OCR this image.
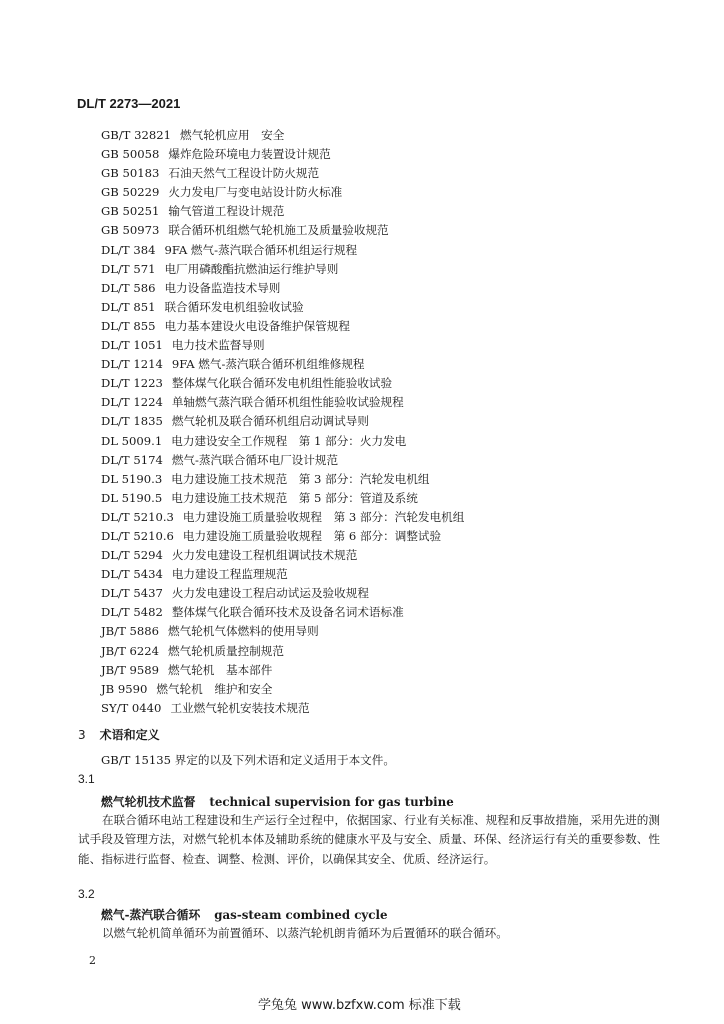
DL/T 2273—2021
GB/T 32821 燃气轮机应用　安全
GB 50058 爆炸危险环境电力装置设计规范
GB 50183 石油天然气工程设计防火规范
GB 50229 火力发电厂与变电站设计防火标准
GB 50251 输气管道工程设计规范
GB 50973 联合循环机组燃气轮机施工及质量验收规范
DL/T 384 9FA 燃气-蒸汽联合循环机组运行规程
DL/T 571 电厂用磷酸酯抗燃油运行维护导则
DL/T 586 电力设备监造技术导则
DL/T 851 联合循环发电机组验收试验
DL/T 855 电力基本建设火电设备维护保管规程
DL/T 1051 电力技术监督导则
DL/T 1214 9FA 燃气-蒸汽联合循环机组维修规程
DL/T 1223 整体煤气化联合循环发电机组性能验收试验
DL/T 1224 单轴燃气蒸汽联合循环机组性能验收试验规程
DL/T 1835 燃气轮机及联合循环机组启动调试导则
DL 5009.1 电力建设安全工作规程　第 1 部分：火力发电
DL/T 5174 燃气-蒸汽联合循环电厂设计规范
DL 5190.3 电力建设施工技术规范　第 3 部分：汽轮发电机组
DL 5190.5 电力建设施工技术规范　第 5 部分：管道及系统
DL/T 5210.3 电力建设施工质量验收规程　第 3 部分：汽轮发电机组
DL/T 5210.6 电力建设施工质量验收规程　第 6 部分：调整试验
DL/T 5294 火力发电建设工程机组调试技术规范
DL/T 5434 电力建设工程监理规范
DL/T 5437 火力发电建设工程启动试运及验收规程
DL/T 5482 整体煤气化联合循环技术及设备名词术语标准
JB/T 5886 燃气轮机气体燃料的使用导则
JB/T 6224 燃气轮机质量控制规范
JB/T 9589 燃气轮机　基本部件
JB 9590 燃气轮机　维护和安全
SY/T 0440 工业燃气轮机安装技术规范
3 术语和定义
GB/T 15135 界定的以及下列术语和定义适用于本文件。
3.1
燃气轮机技术监督 technical supervision for gas turbine

在联合循环电站工程建设和生产运行全过程中，依据国家、行业有关标准、规程和反事故措施，采用先进的测试手段及管理方法，对燃气轮机本体及辅助系统的健康水平及与安全、质量、环保、经济运行有关的重要参数、性能、指标进行监督、检查、调整、检测、评价，以确保其安全、优质、经济运行。

3.2
燃气-蒸汽联合循环 gas-steam combined cycle

以燃气轮机简单循环为前置循环、以蒸汽轮机朗肯循环为后置循环的联合循环。

2
学兔兔 www.bzfxw.com 标准下载
